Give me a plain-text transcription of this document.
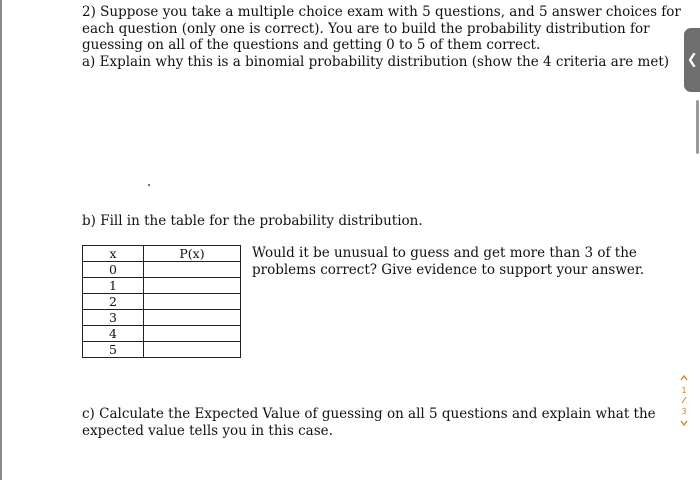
2) Suppose you take a multiple choice exam with 5 questions, and 5 answer choices for
each question (only one is correct). You are to build the probability distribution for
guessing on all of the questions and getting 0 to 5 of them correct.
a) Explain why this is a binomial probability distribution (show the 4 criteria are met)
b) Fill in the table for the probability distribution.
x	P(x)
0	
1	
2	
3	
4	
5	
Would it be unusual to guess and get more than 3 of the
problems correct? Give evidence to support your answer.
c) Calculate the Expected Value of guessing on all 5 questions and explain what the
expected value tells you in this case.
1
3
